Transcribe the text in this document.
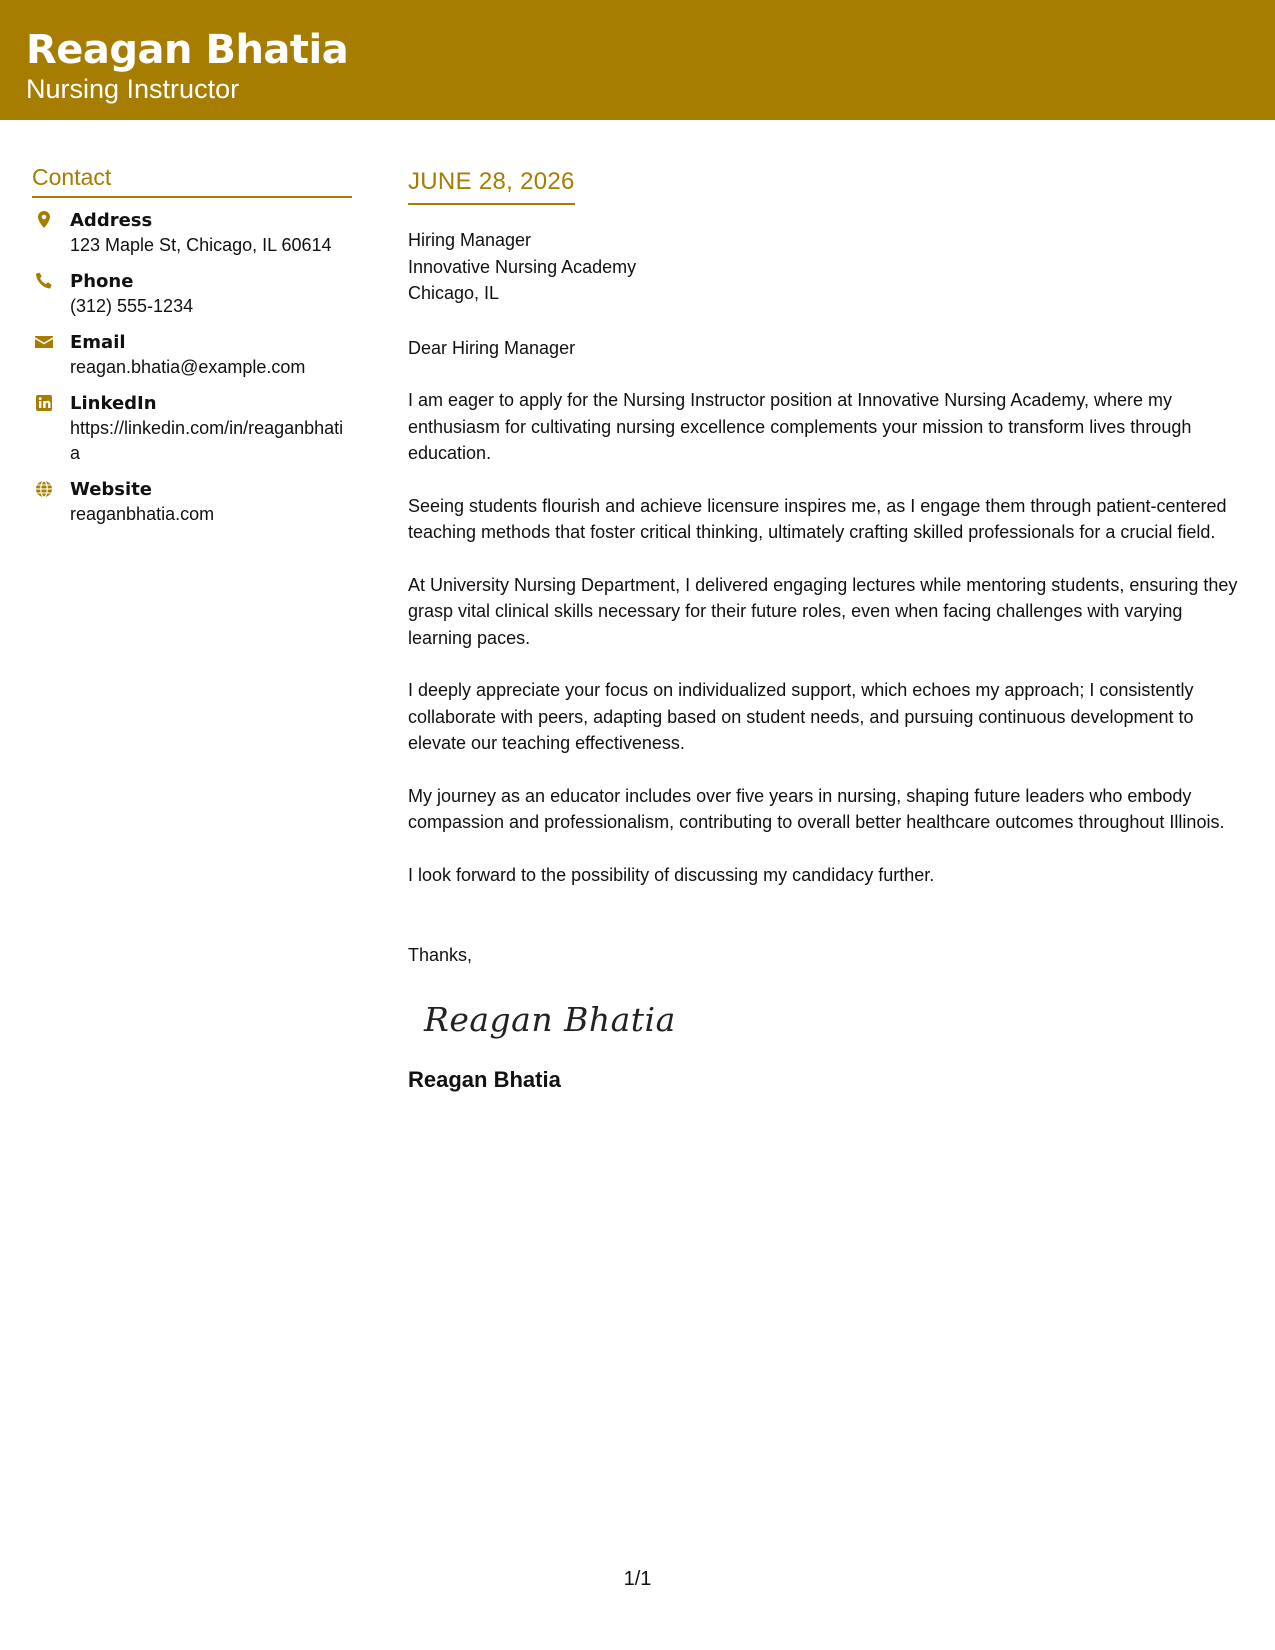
Reagan Bhatia
Nursing Instructor
Contact
Address
123 Maple St, Chicago, IL 60614
Phone
(312) 555-1234
Email
reagan.bhatia@example.com
LinkedIn
https://linkedin.com/in/reaganbhatia
Website
reaganbhatia.com
JUNE 28, 2026
Hiring Manager
Innovative Nursing Academy
Chicago, IL
Dear Hiring Manager
I am eager to apply for the Nursing Instructor position at Innovative Nursing Academy, where my enthusiasm for cultivating nursing excellence complements your mission to transform lives through education.
Seeing students flourish and achieve licensure inspires me, as I engage them through patient-centered teaching methods that foster critical thinking, ultimately crafting skilled professionals for a crucial field.
At University Nursing Department, I delivered engaging lectures while mentoring students, ensuring they grasp vital clinical skills necessary for their future roles, even when facing challenges with varying learning paces.
I deeply appreciate your focus on individualized support, which echoes my approach; I consistently collaborate with peers, adapting based on student needs, and pursuing continuous development to elevate our teaching effectiveness.
My journey as an educator includes over five years in nursing, shaping future leaders who embody compassion and professionalism, contributing to overall better healthcare outcomes throughout Illinois.
I look forward to the possibility of discussing my candidacy further.
Thanks,
Reagan Bhatia
Reagan Bhatia
1/1
